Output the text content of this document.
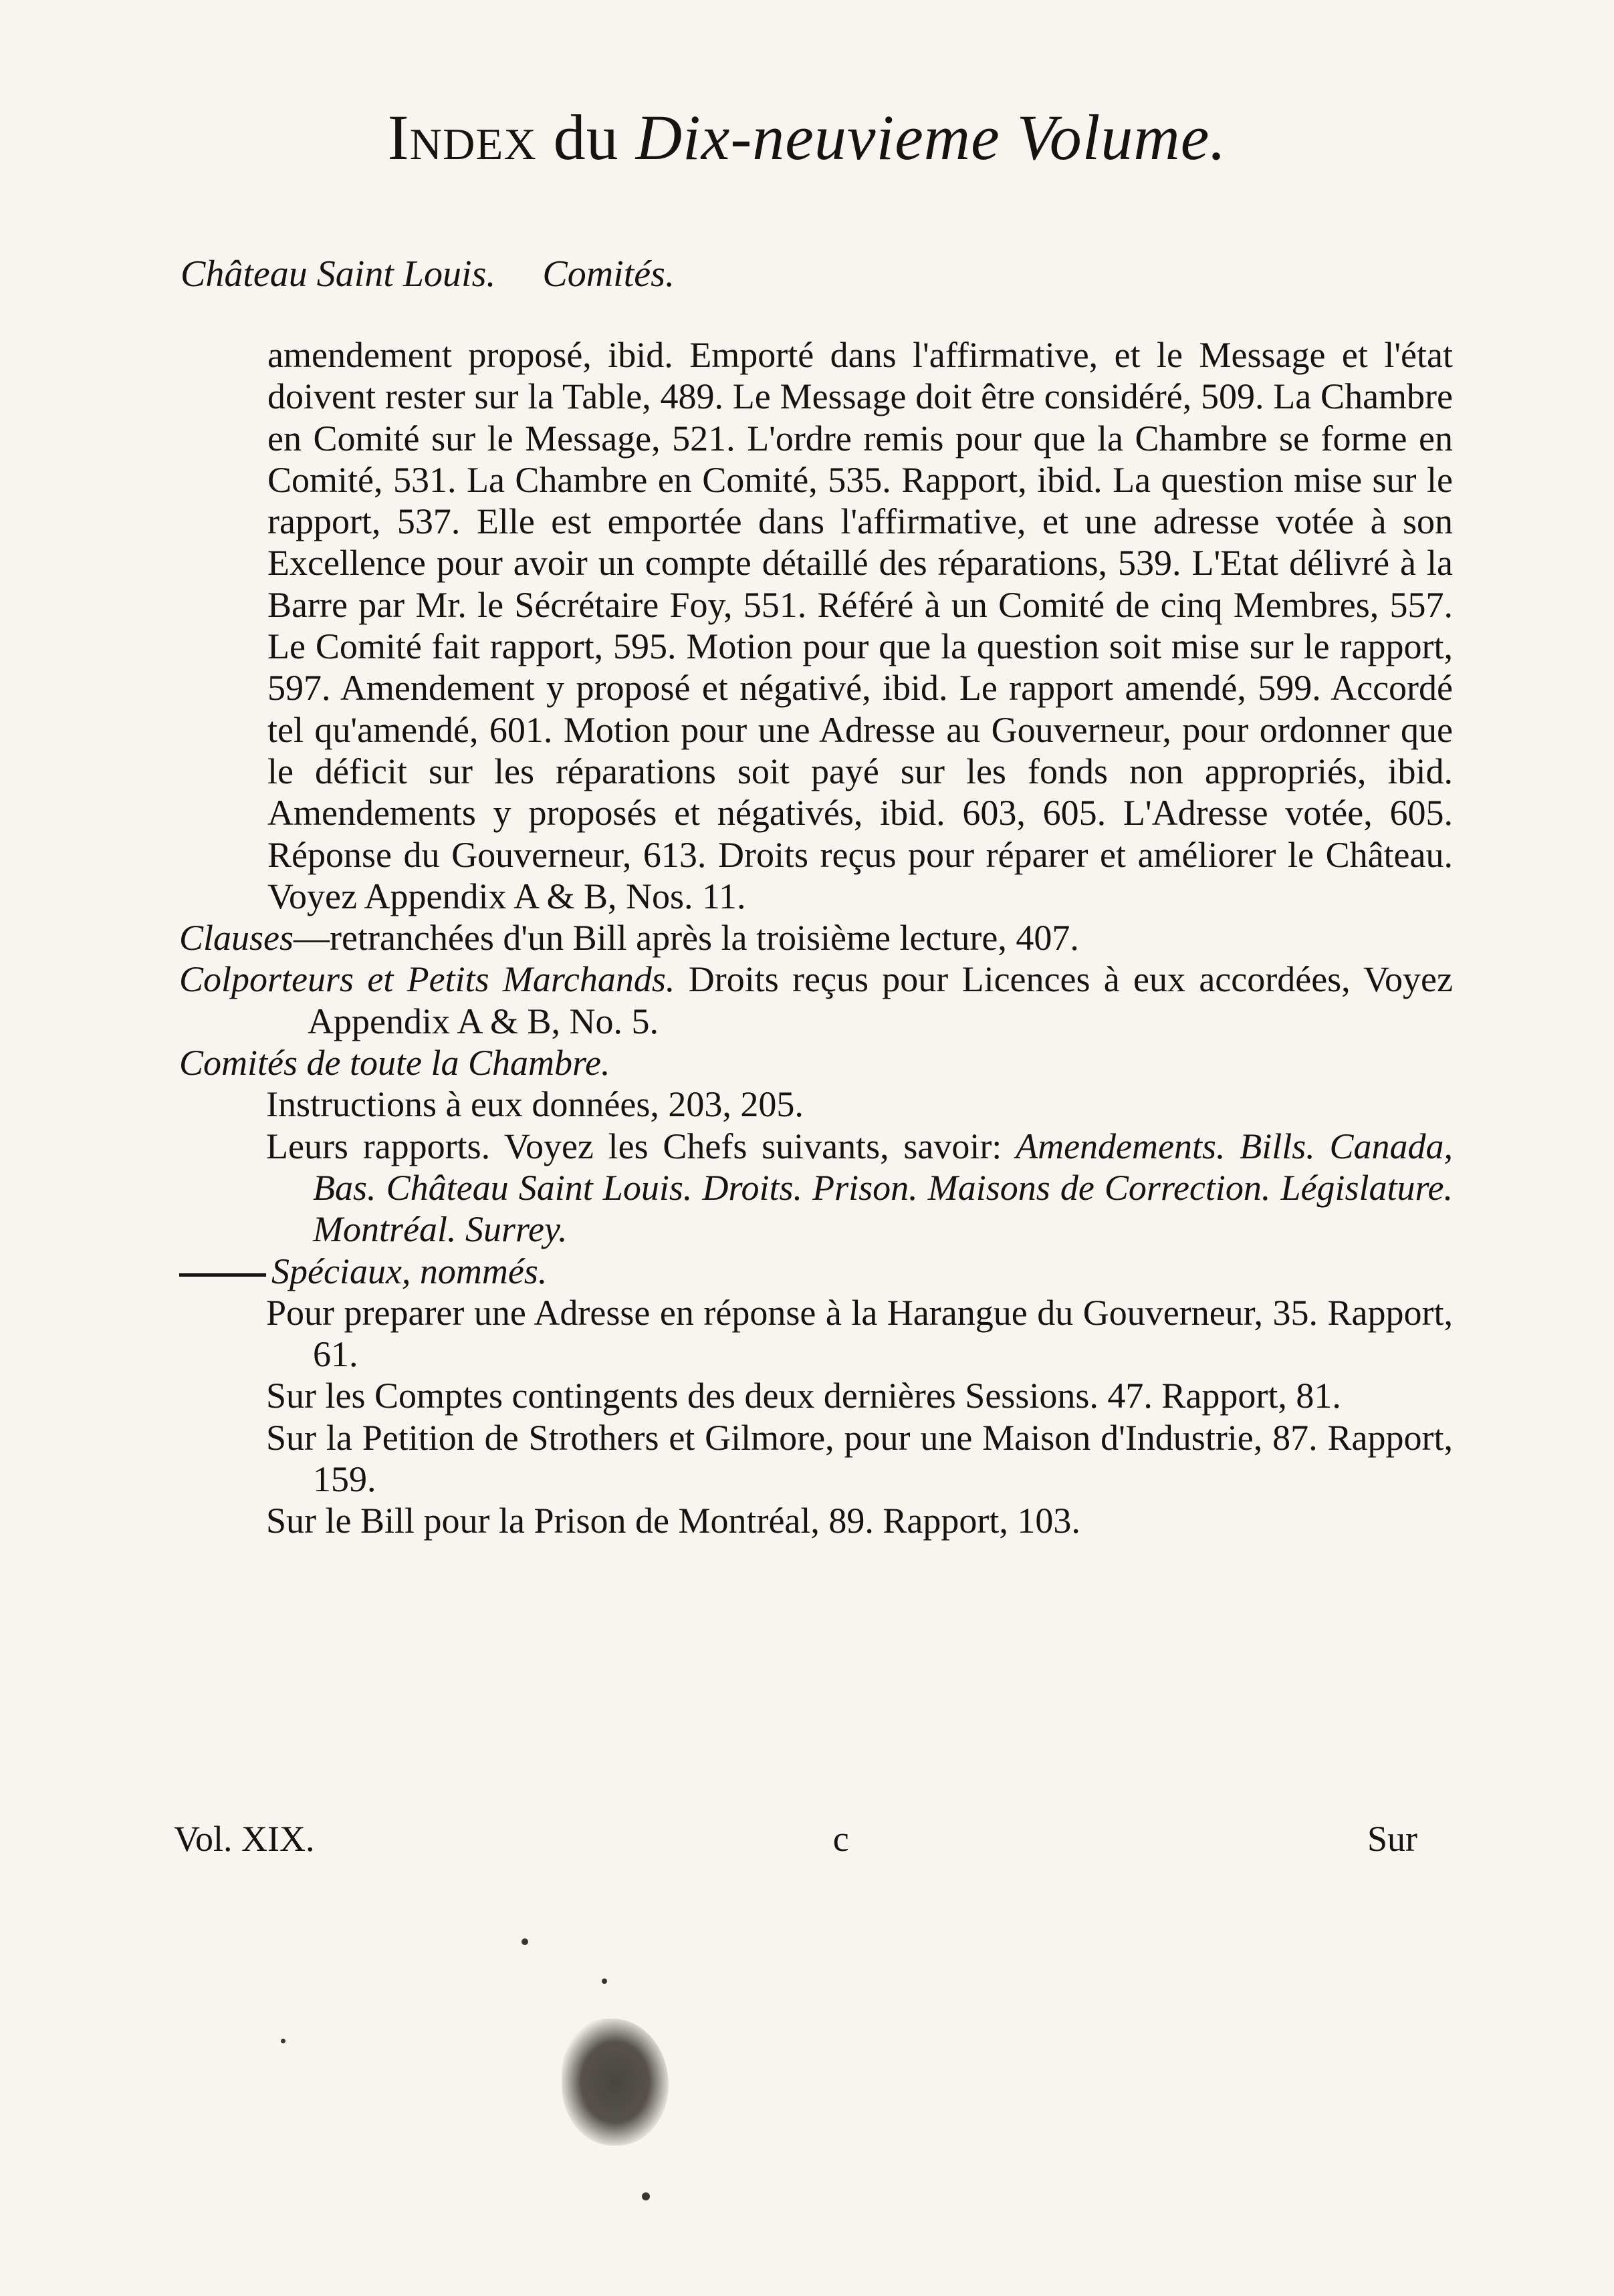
Index du Dix-neuvieme Volume.
Château Saint Louis. Comités.

amendement proposé, ibid. Emporté dans l'affirmative, et le Message et l'état doivent rester sur la Table, 489. Le Message doit être considéré, 509. La Chambre en Comité sur le Message, 521. L'ordre remis pour que la Chambre se forme en Comité, 531. La Chambre en Comité, 535. Rapport, ibid. La question mise sur le rapport, 537. Elle est emportée dans l'affirmative, et une adresse votée à son Excellence pour avoir un compte détaillé des réparations, 539. L'Etat délivré à la Barre par Mr. le Sécrétaire Foy, 551. Référé à un Comité de cinq Membres, 557. Le Comité fait rapport, 595. Motion pour que la question soit mise sur le rapport, 597. Amendement y proposé et négativé, ibid. Le rapport amendé, 599. Accordé tel qu'amendé, 601. Motion pour une Adresse au Gouverneur, pour ordonner que le déficit sur les réparations soit payé sur les fonds non appropriés, ibid. Amendements y proposés et négativés, ibid. 603, 605. L'Adresse votée, 605. Réponse du Gouverneur, 613. Droits reçus pour réparer et améliorer le Château. Voyez Appendix A & B, Nos. 11.

Clauses—retranchées d'un Bill après la troisième lecture, 407.

Colporteurs et Petits Marchands. Droits reçus pour Licences à eux accordées, Voyez Appendix A & B, No. 5.

Comités de toute la Chambre.

Instructions à eux données, 203, 205.

Leurs rapports. Voyez les Chefs suivants, savoir: Amendements. Bills. Canada, Bas. Château Saint Louis. Droits. Prison. Maisons de Correction. Législature. Montréal. Surrey.

Spéciaux, nommés.

Pour preparer une Adresse en réponse à la Harangue du Gouverneur, 35. Rapport, 61.

Sur les Comptes contingents des deux dernières Sessions. 47. Rapport, 81.

Sur la Petition de Strothers et Gilmore, pour une Maison d'Industrie, 87. Rapport, 159.

Sur le Bill pour la Prison de Montréal, 89. Rapport, 103.

Vol. XIX.	c	Sur
